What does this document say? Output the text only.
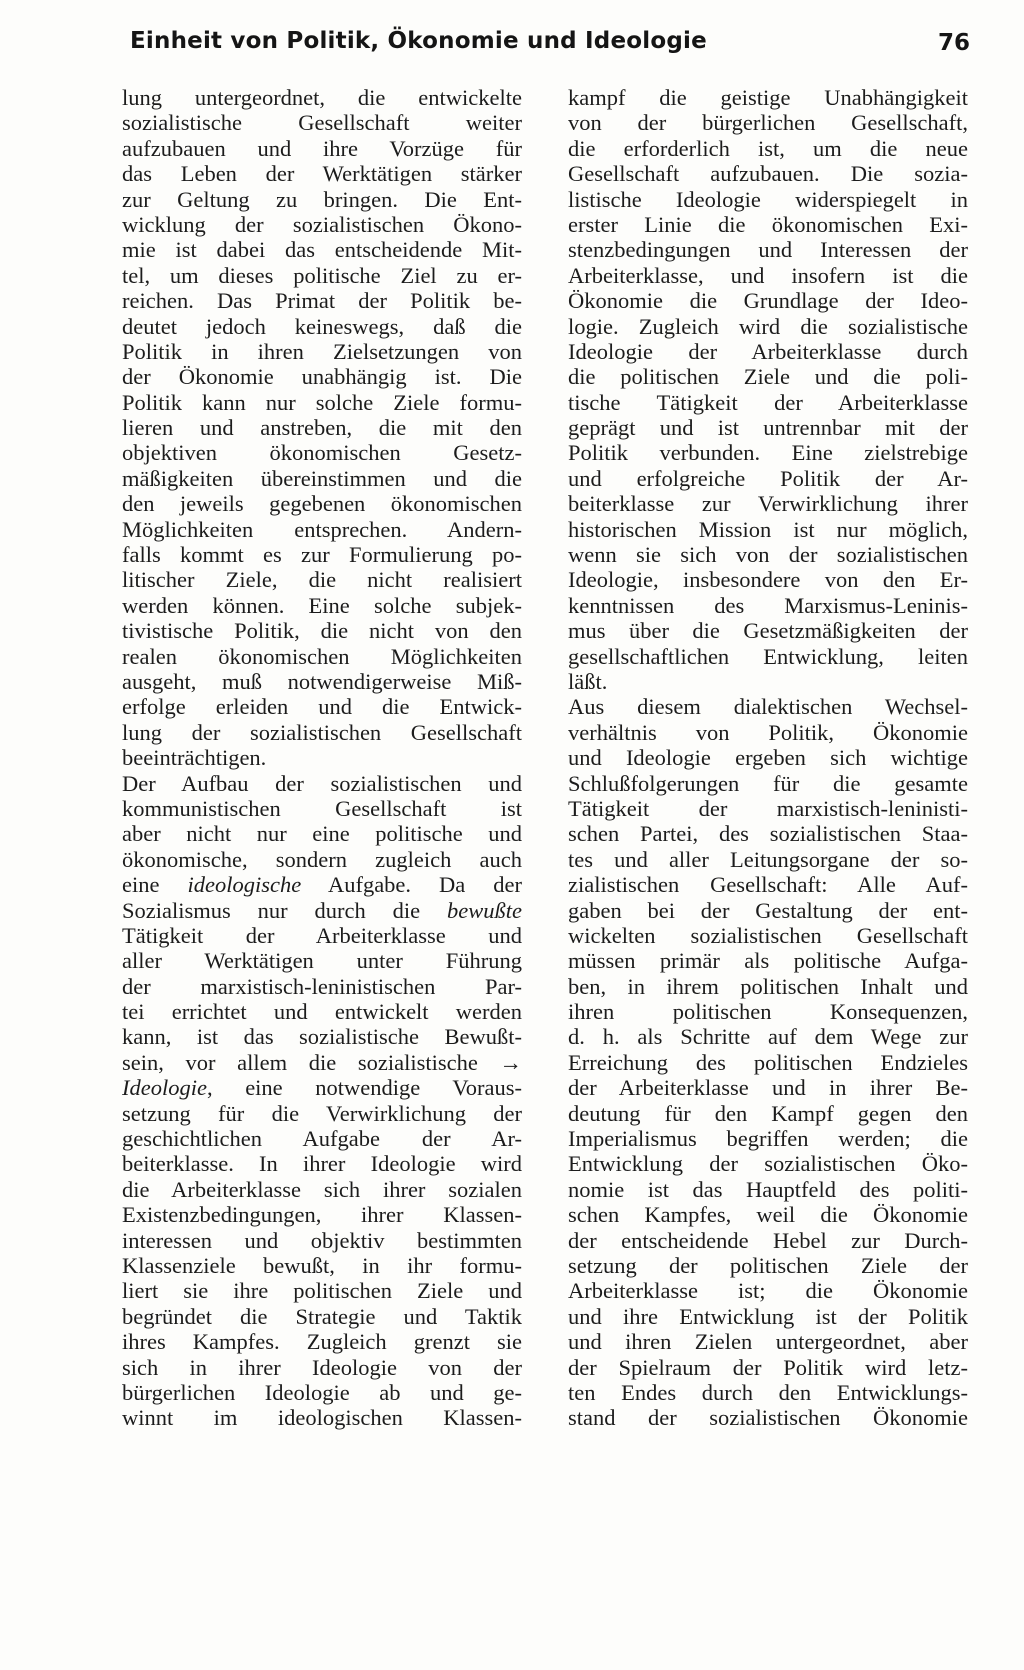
Einheit von Politik, Ökonomie und Ideologie	76
lung untergeordnet, die entwickelte
sozialistische Gesellschaft weiter
aufzubauen und ihre Vorzüge für
das Leben der Werktätigen stärker
zur Geltung zu bringen. Die Ent-
wicklung der sozialistischen Ökono-
mie ist dabei das entscheidende Mit-
tel, um dieses politische Ziel zu er-
reichen. Das Primat der Politik be-
deutet jedoch keineswegs, daß die
Politik in ihren Zielsetzungen von
der Ökonomie unabhängig ist. Die
Politik kann nur solche Ziele formu-
lieren und anstreben, die mit den
objektiven ökonomischen Gesetz-
mäßigkeiten übereinstimmen und die
den jeweils gegebenen ökonomischen
Möglichkeiten entsprechen. Andern-
falls kommt es zur Formulierung po-
litischer Ziele, die nicht realisiert
werden können. Eine solche subjek-
tivistische Politik, die nicht von den
realen ökonomischen Möglichkeiten
ausgeht, muß notwendigerweise Miß-
erfolge erleiden und die Entwick-
lung der sozialistischen Gesellschaft
beeinträchtigen.
Der Aufbau der sozialistischen und
kommunistischen Gesellschaft ist
aber nicht nur eine politische und
ökonomische, sondern zugleich auch
eine ideologische Aufgabe. Da der
Sozialismus nur durch die bewußte
Tätigkeit der Arbeiterklasse und
aller Werktätigen unter Führung
der marxistisch-leninistischen Par-
tei errichtet und entwickelt werden
kann, ist das sozialistische Bewußt-
sein, vor allem die sozialistische →
Ideologie, eine notwendige Voraus-
setzung für die Verwirklichung der
geschichtlichen Aufgabe der Ar-
beiterklasse. In ihrer Ideologie wird
die Arbeiterklasse sich ihrer sozialen
Existenzbedingungen, ihrer Klassen-
interessen und objektiv bestimmten
Klassenziele bewußt, in ihr formu-
liert sie ihre politischen Ziele und
begründet die Strategie und Taktik
ihres Kampfes. Zugleich grenzt sie
sich in ihrer Ideologie von der
bürgerlichen Ideologie ab und ge-
winnt im ideologischen Klassen-
kampf die geistige Unabhängigkeit
von der bürgerlichen Gesellschaft,
die erforderlich ist, um die neue
Gesellschaft aufzubauen. Die sozia-
listische Ideologie widerspiegelt in
erster Linie die ökonomischen Exi-
stenzbedingungen und Interessen der
Arbeiterklasse, und insofern ist die
Ökonomie die Grundlage der Ideo-
logie. Zugleich wird die sozialistische
Ideologie der Arbeiterklasse durch
die politischen Ziele und die poli-
tische Tätigkeit der Arbeiterklasse
geprägt und ist untrennbar mit der
Politik verbunden. Eine zielstrebige
und erfolgreiche Politik der Ar-
beiterklasse zur Verwirklichung ihrer
historischen Mission ist nur möglich,
wenn sie sich von der sozialistischen
Ideologie, insbesondere von den Er-
kenntnissen des Marxismus-Leninis-
mus über die Gesetzmäßigkeiten der
gesellschaftlichen Entwicklung, leiten
läßt.
Aus diesem dialektischen Wechsel-
verhältnis von Politik, Ökonomie
und Ideologie ergeben sich wichtige
Schlußfolgerungen für die gesamte
Tätigkeit der marxistisch-leninisti-
schen Partei, des sozialistischen Staa-
tes und aller Leitungsorgane der so-
zialistischen Gesellschaft: Alle Auf-
gaben bei der Gestaltung der ent-
wickelten sozialistischen Gesellschaft
müssen primär als politische Aufga-
ben, in ihrem politischen Inhalt und
ihren politischen Konsequenzen,
d. h. als Schritte auf dem Wege zur
Erreichung des politischen Endzieles
der Arbeiterklasse und in ihrer Be-
deutung für den Kampf gegen den
Imperialismus begriffen werden; die
Entwicklung der sozialistischen Öko-
nomie ist das Hauptfeld des politi-
schen Kampfes, weil die Ökonomie
der entscheidende Hebel zur Durch-
setzung der politischen Ziele der
Arbeiterklasse ist; die Ökonomie
und ihre Entwicklung ist der Politik
und ihren Zielen untergeordnet, aber
der Spielraum der Politik wird letz-
ten Endes durch den Entwicklungs-
stand der sozialistischen Ökonomie
